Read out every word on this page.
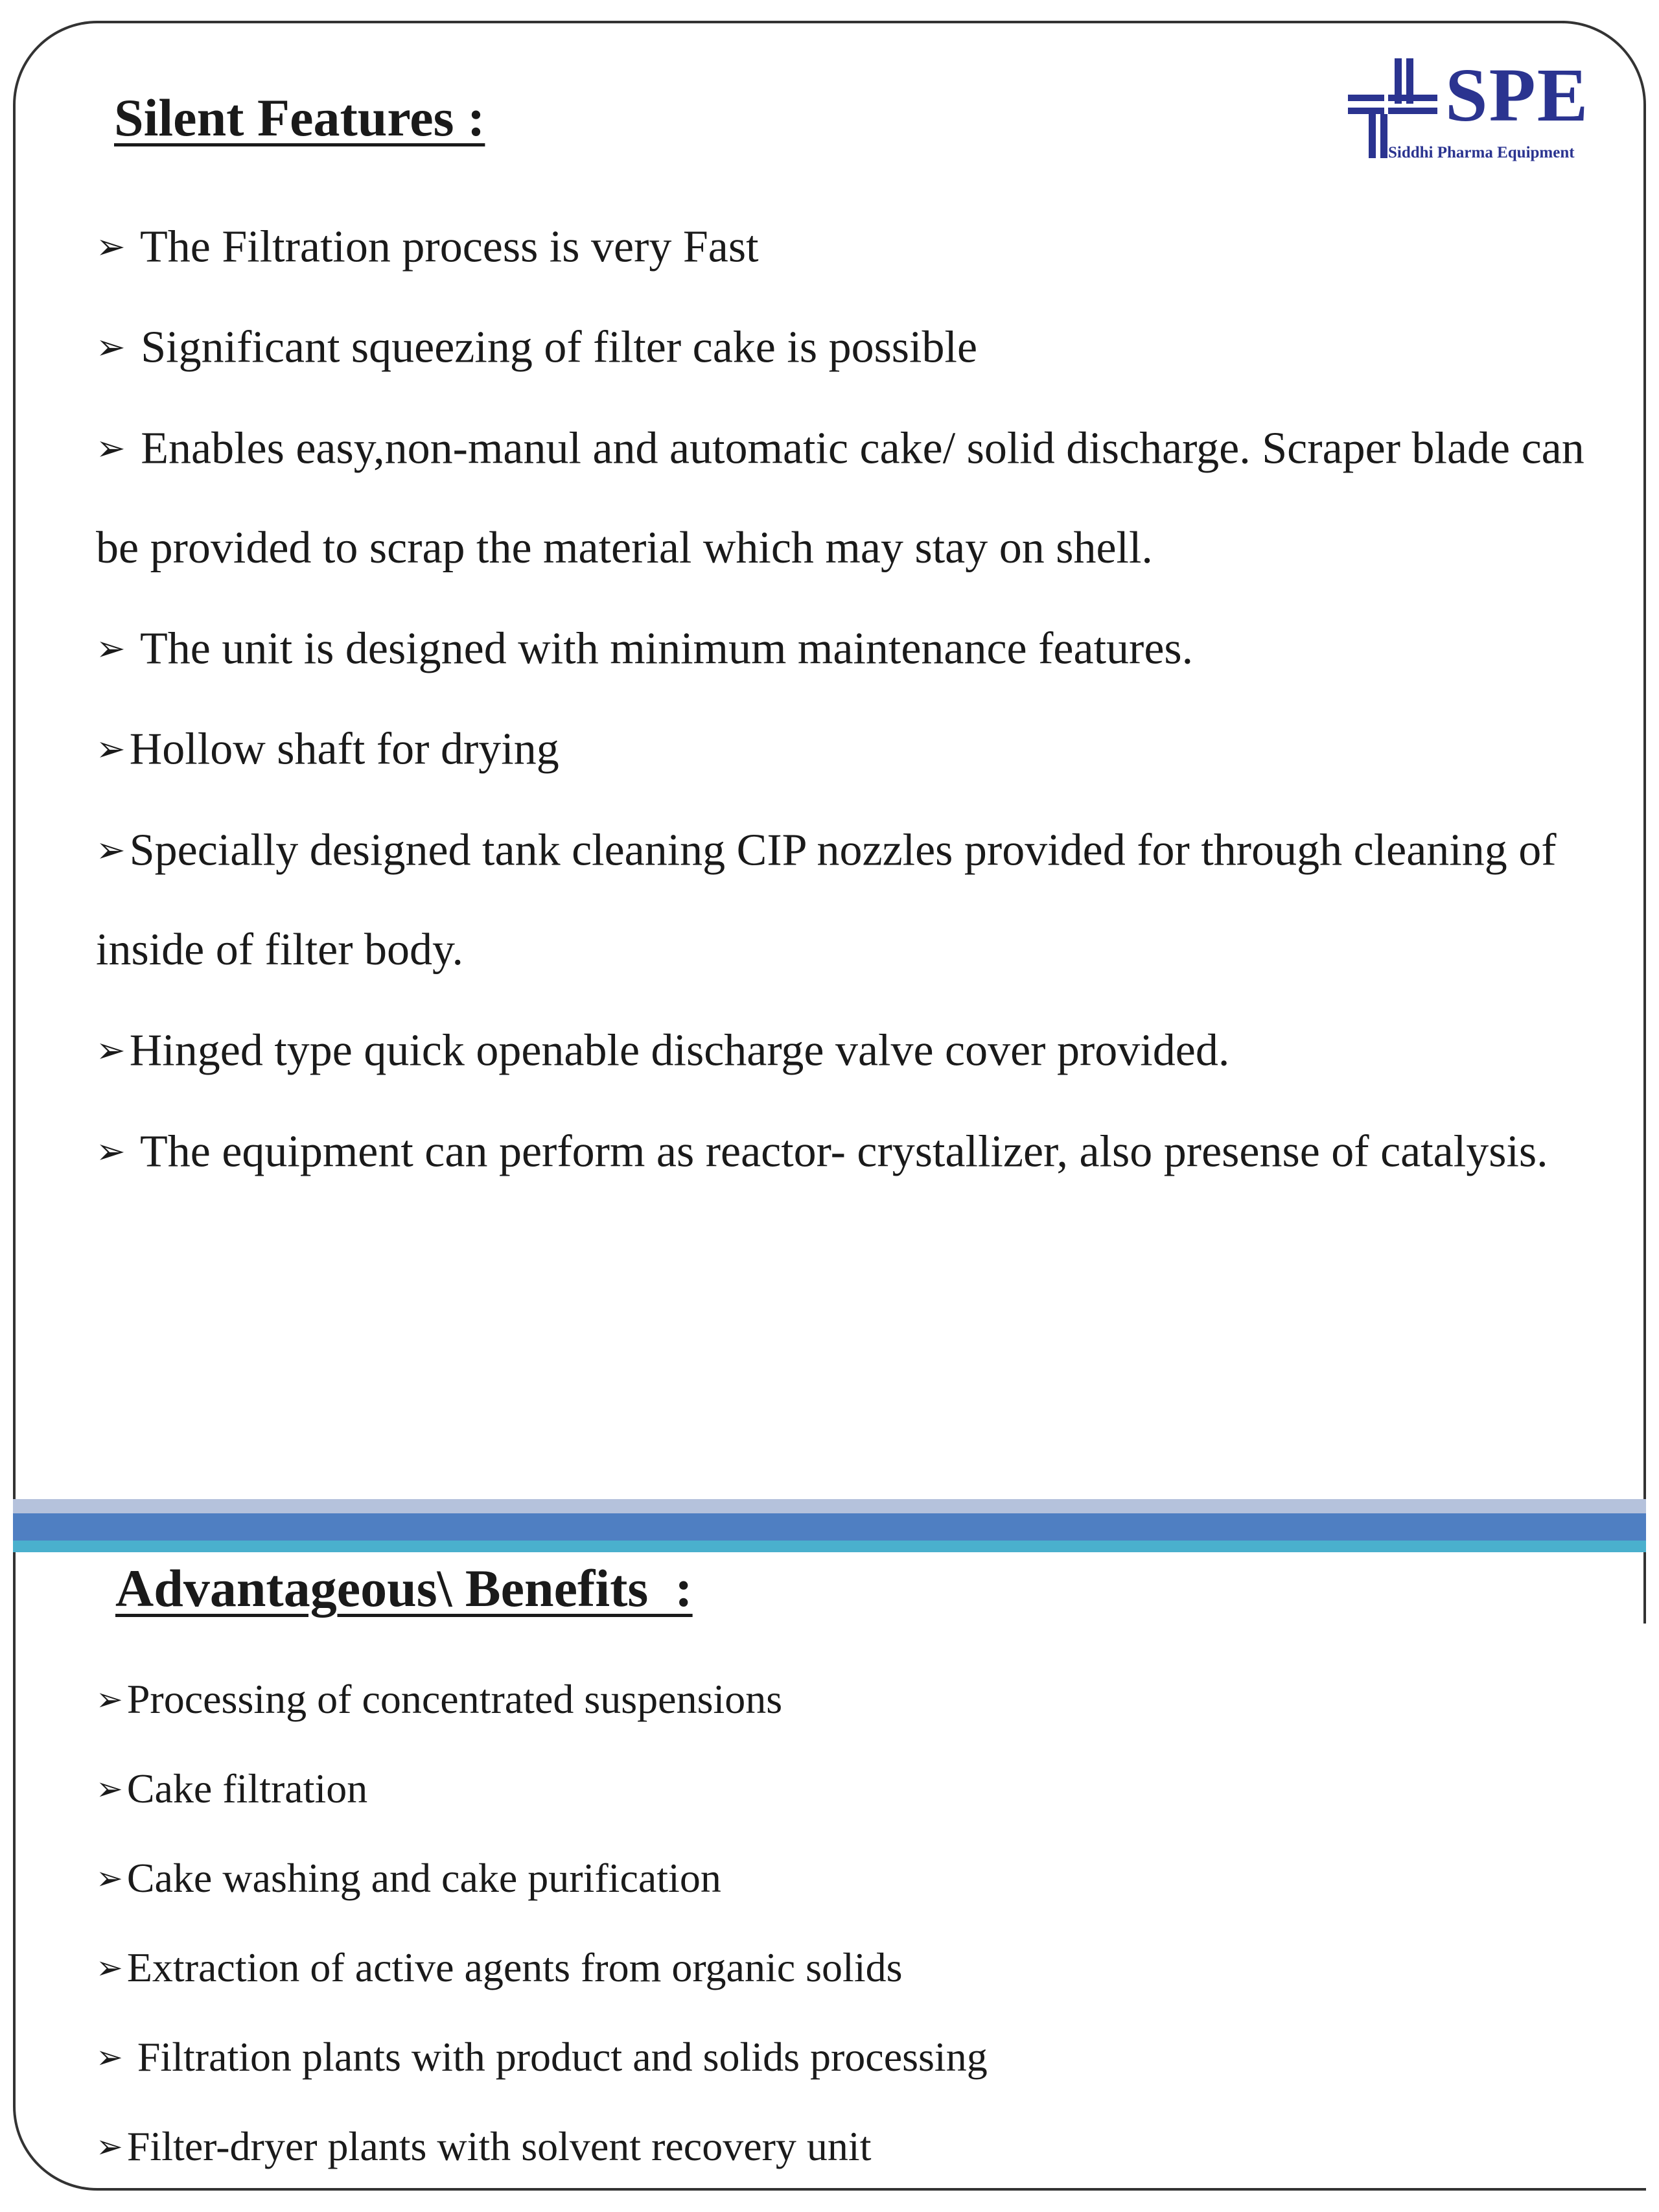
SPE
Siddhi Pharma Equipment
Silent Features :
➢ The Filtration process is very Fast
➢ Significant squeezing of filter cake is possible
➢ Enables easy,non-manul and automatic cake/ solid discharge. Scraper blade can be provided to scrap the material which may stay on shell.
➢ The unit is designed with minimum maintenance features.
➢Hollow shaft for drying
➢Specially designed tank cleaning CIP nozzles provided for through cleaning of inside of filter body.
➢Hinged type quick openable discharge valve cover provided.
➢ The equipment can perform as reactor- crystallizer, also presense of catalysis.
Advantageous\ Benefits  :
➢Processing of concentrated suspensions
➢Cake filtration
➢Cake washing and cake purification
➢Extraction of active agents from organic solids
➢ Filtration plants with product and solids processing
➢Filter-dryer plants with solvent recovery unit
